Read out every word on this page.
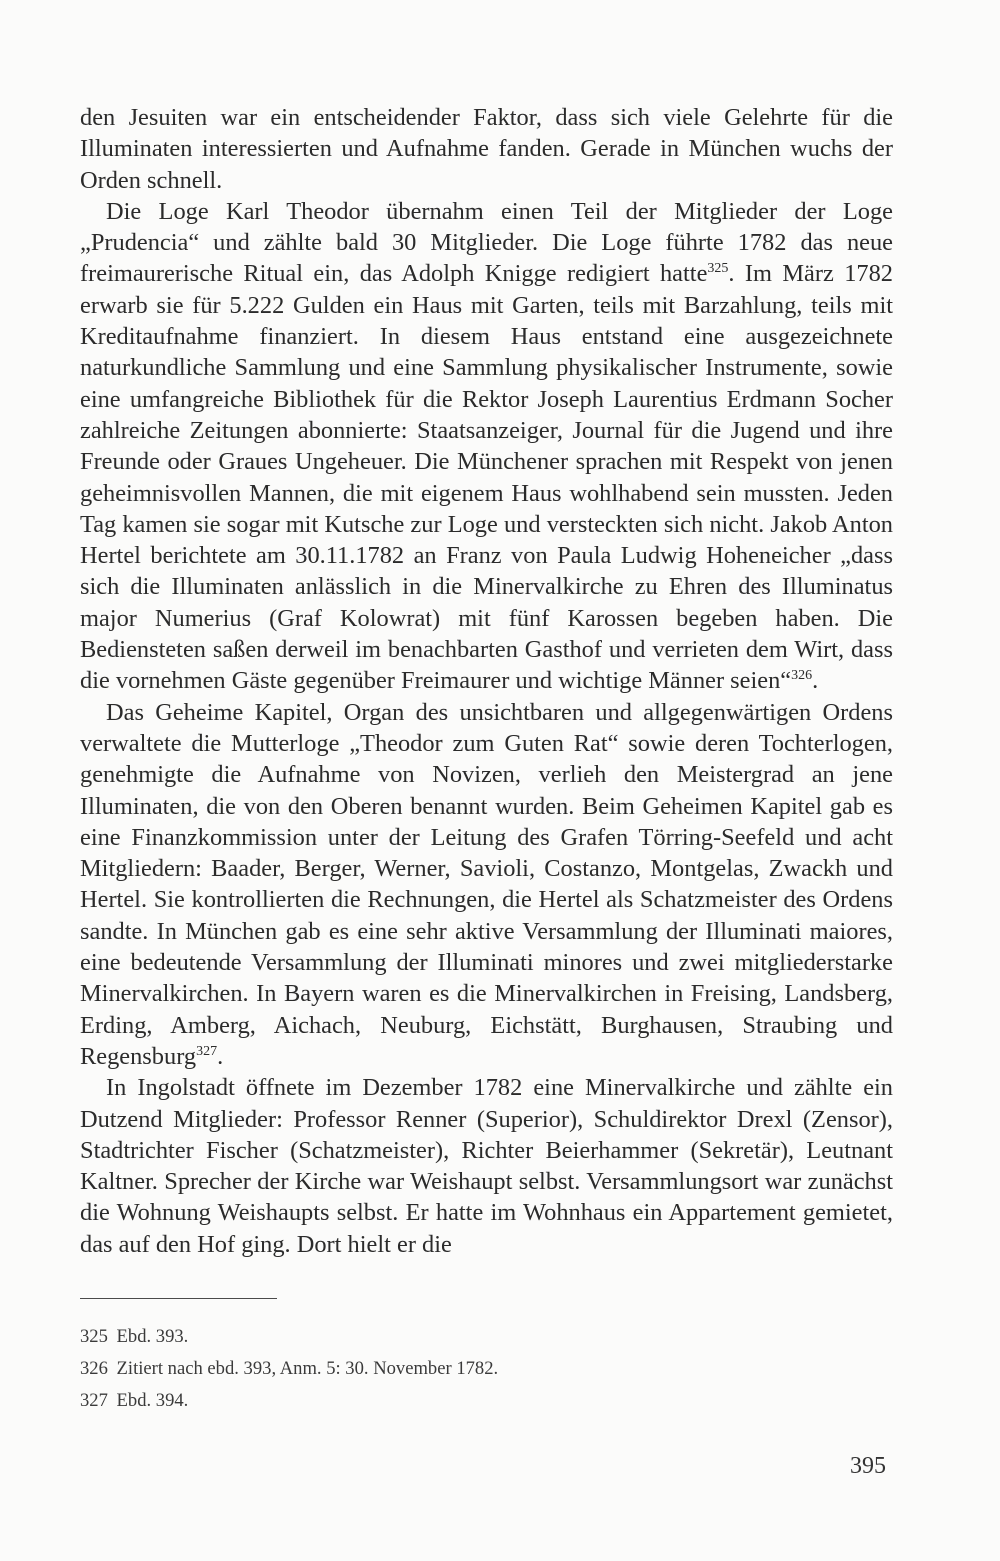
den Jesuiten war ein entscheidender Faktor, dass sich viele Gelehrte für die Illuminaten interessierten und Aufnahme fanden. Gerade in München wuchs der Orden schnell.

Die Loge Karl Theodor übernahm einen Teil der Mitglieder der Loge „Prudencia“ und zählte bald 30 Mitglieder. Die Loge führte 1782 das neue freimaurerische Ritual ein, das Adolph Knigge redigiert hatte$^{325}$. Im März 1782 erwarb sie für 5.222 Gulden ein Haus mit Garten, teils mit Barzahlung, teils mit Kreditaufnahme finanziert. In diesem Haus entstand eine ausgezeichnete naturkundliche Sammlung und eine Sammlung physikalischer Instrumente, sowie eine umfangreiche Bibliothek für die Rektor Joseph Laurentius Erdmann Socher zahlreiche Zeitungen abonnierte: Staatsanzeiger, Journal für die Jugend und ihre Freunde oder Graues Ungeheuer. Die Münchener sprachen mit Respekt von jenen geheimnisvollen Mannen, die mit eigenem Haus wohlhabend sein mussten. Jeden Tag kamen sie sogar mit Kutsche zur Loge und versteckten sich nicht. Jakob Anton Hertel berichtete am 30.11.1782 an Franz von Paula Ludwig Hoheneicher „dass sich die Illuminaten anlässlich in die Minervalkirche zu Ehren des Illuminatus major Numerius (Graf Kolowrat) mit fünf Karossen begeben haben. Die Bediensteten saßen derweil im benachbarten Gasthof und verrieten dem Wirt, dass die vornehmen Gäste gegenüber Freimaurer und wichtige Männer seien“$^{326}$.

Das Geheime Kapitel, Organ des unsichtbaren und allgegenwärtigen Ordens verwaltete die Mutterloge „Theodor zum Guten Rat“ sowie deren Tochterlogen, genehmigte die Aufnahme von Novizen, verlieh den Meistergrad an jene Illuminaten, die von den Oberen benannt wurden. Beim Geheimen Kapitel gab es eine Finanzkommission unter der Leitung des Grafen Törring-Seefeld und acht Mitgliedern: Baader, Berger, Werner, Savioli, Costanzo, Montgelas, Zwackh und Hertel. Sie kontrollierten die Rechnungen, die Hertel als Schatzmeister des Ordens sandte. In München gab es eine sehr aktive Versammlung der Illuminati maiores, eine bedeutende Versammlung der Illuminati minores und zwei mitgliederstarke Minervalkirchen. In Bayern waren es die Minervalkirchen in Freising, Landsberg, Erding, Amberg, Aichach, Neuburg, Eichstätt, Burghausen, Straubing und Regensburg$^{327}$.

In Ingolstadt öffnete im Dezember 1782 eine Minervalkirche und zählte ein Dutzend Mitglieder: Professor Renner (Superior), Schuldirektor Drexl (Zensor), Stadtrichter Fischer (Schatzmeister), Richter Beierhammer (Sekretär), Leutnant Kaltner. Sprecher der Kirche war Weishaupt selbst. Versammlungsort war zunächst die Wohnung Weishaupts selbst. Er hatte im Wohnhaus ein Appartement gemietet, das auf den Hof ging. Dort hielt er die

325 Ebd. 393.

326 Zitiert nach ebd. 393, Anm. 5: 30. November 1782.

327 Ebd. 394.

395
